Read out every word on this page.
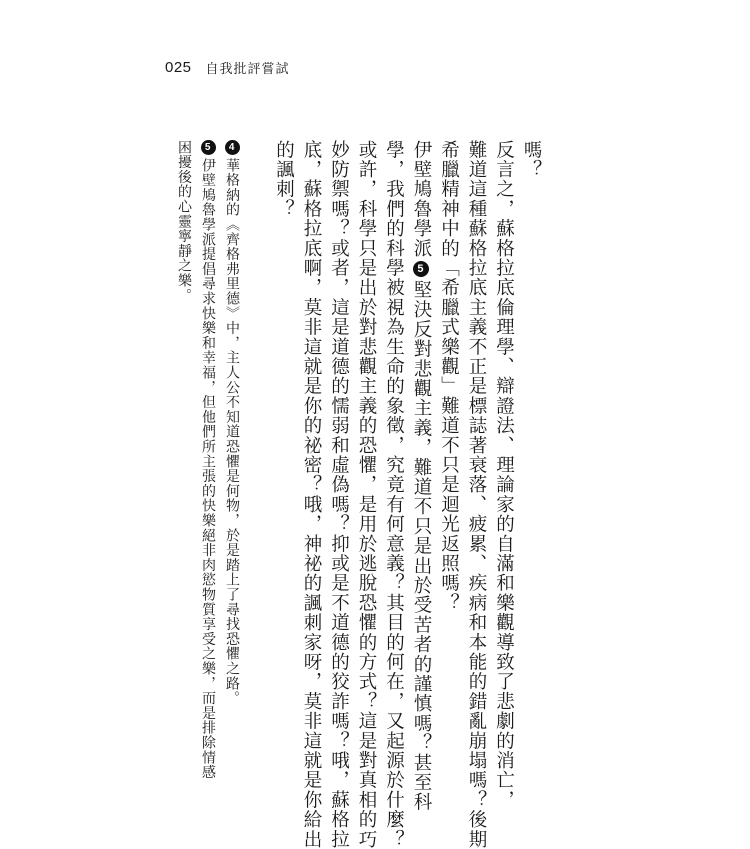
025 自我批評嘗試
嗎？
反言之，蘇格拉底倫理學、辯證法、理論家的自滿和樂觀導致了悲劇的消亡，
難道這種蘇格拉底主義不正是標誌著衰落、疲累、疾病和本能的錯亂崩塌嗎？後期
希臘精神中的「希臘式樂觀」難道不只是迴光返照嗎？
伊壁鳩魯學派5堅決反對悲觀主義，難道不只是出於受苦者的謹慎嗎？甚至科
學，我們的科學被視為生命的象徵，究竟有何意義？其目的何在，又起源於什麼？
或許，科學只是出於對悲觀主義的恐懼，是用於逃脫恐懼的方式？這是對真相的巧
妙防禦嗎？或者，這是道德的懦弱和虛偽嗎？抑或是不道德的狡詐嗎？哦，蘇格拉
底，蘇格拉底啊，莫非這就是你的祕密？哦，神祕的諷刺家呀，莫非這就是你給出
的諷刺？
4華格納的《齊格弗里德》中，主人公不知道恐懼是何物，於是踏上了尋找恐懼之路。
5伊壁鳩魯學派提倡尋求快樂和幸福，但他們所主張的快樂絕非肉慾物質享受之樂，而是排除情感
困擾後的心靈寧靜之樂。
